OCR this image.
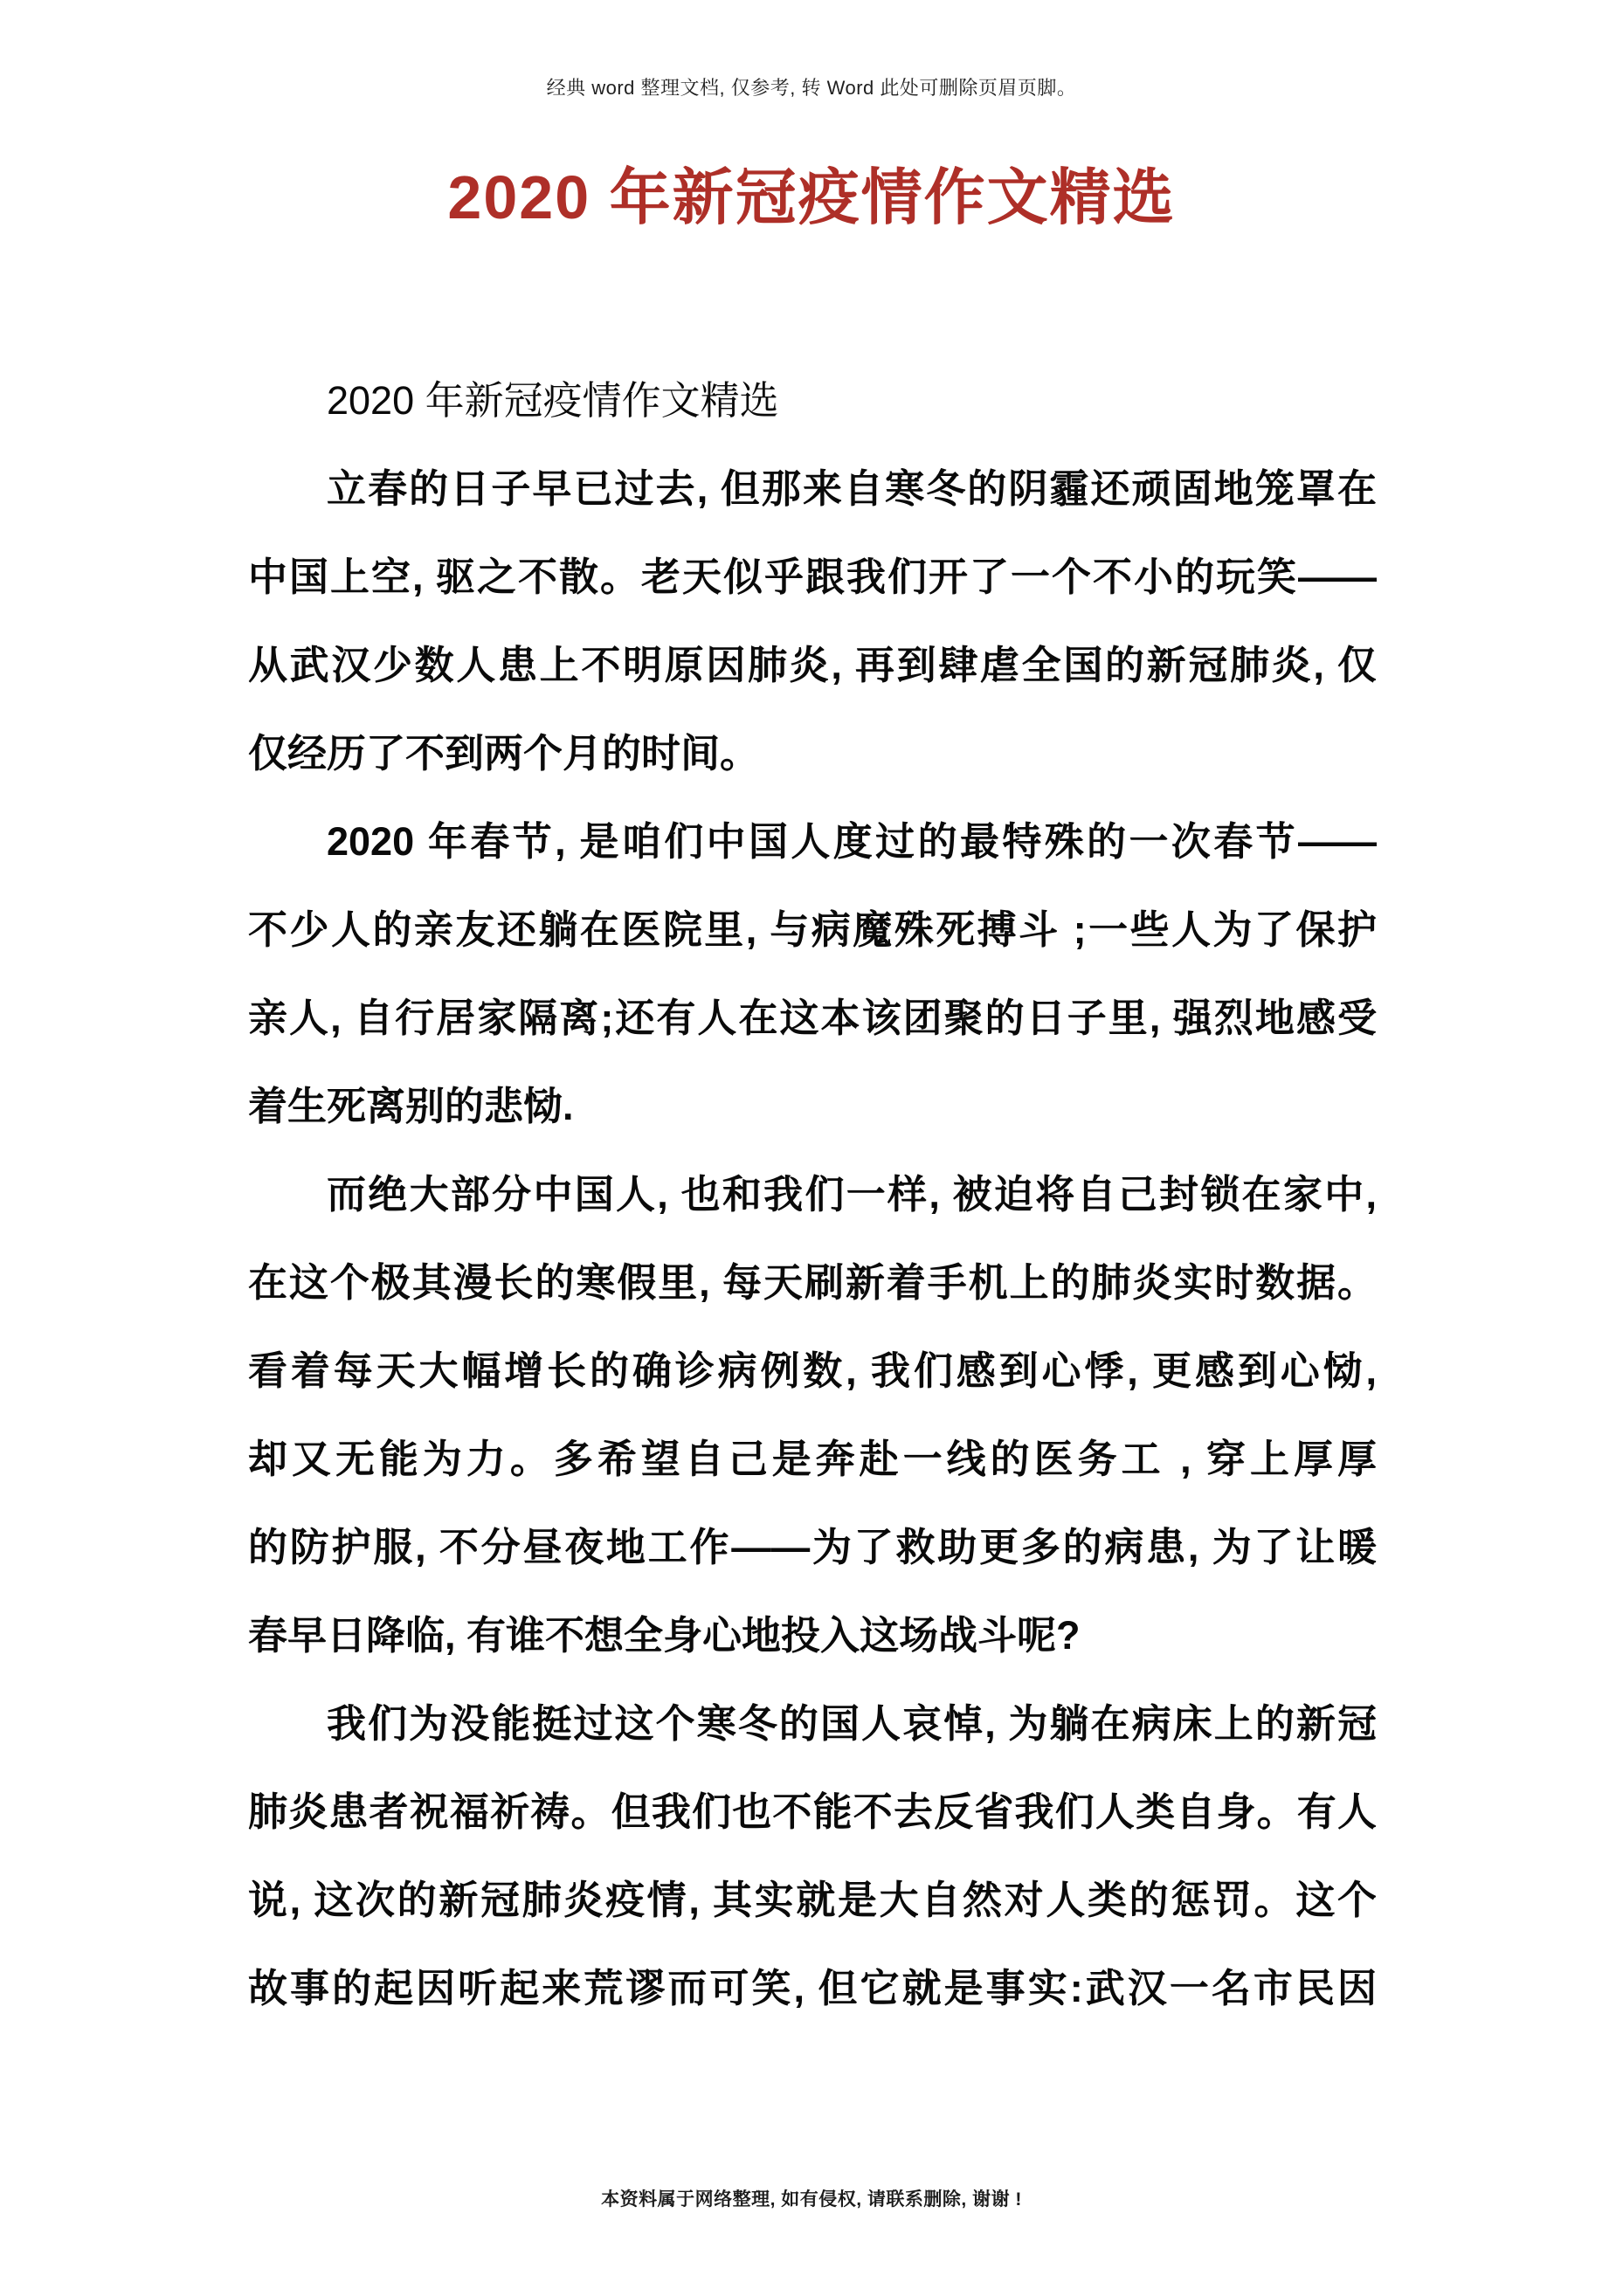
经典 word 整理文档, 仅参考, 转 Word 此处可删除页眉页脚。
2020 年新冠疫情作文精选
2020 年新冠疫情作文精选
立春的日子早已过去, 但那来自寒冬的阴霾还顽固地笼罩在
中国上空, 驱之不散。老天似乎跟我们开了一个不小的玩笑——
从武汉少数人患上不明原因肺炎, 再到肆虐全国的新冠肺炎, 仅
仅经历了不到两个月的时间。
2020 年春节, 是咱们中国人度过的最特殊的一次春节——
不少人的亲友还躺在医院里, 与病魔殊死搏斗 ;一些人为了保护
亲人, 自行居家隔离;还有人在这本该团聚的日子里, 强烈地感受
着生死离别的悲恸.
而绝大部分中国人, 也和我们一样, 被迫将自己封锁在家中,
在这个极其漫长的寒假里, 每天刷新着手机上的肺炎实时数据。
看着每天大幅增长的确诊病例数, 我们感到心悸, 更感到心恸,
却又无能为力。多希望自己是奔赴一线的医务工 , 穿上厚厚
的防护服, 不分昼夜地工作——为了救助更多的病患, 为了让暖
春早日降临, 有谁不想全身心地投入这场战斗呢?
我们为没能挺过这个寒冬的国人哀悼, 为躺在病床上的新冠
肺炎患者祝福祈祷。但我们也不能不去反省我们人类自身。有人
说, 这次的新冠肺炎疫情, 其实就是大自然对人类的惩罚。这个
故事的起因听起来荒谬而可笑, 但它就是事实:武汉一名市民因
本资料属于网络整理, 如有侵权, 请联系删除, 谢谢 !
